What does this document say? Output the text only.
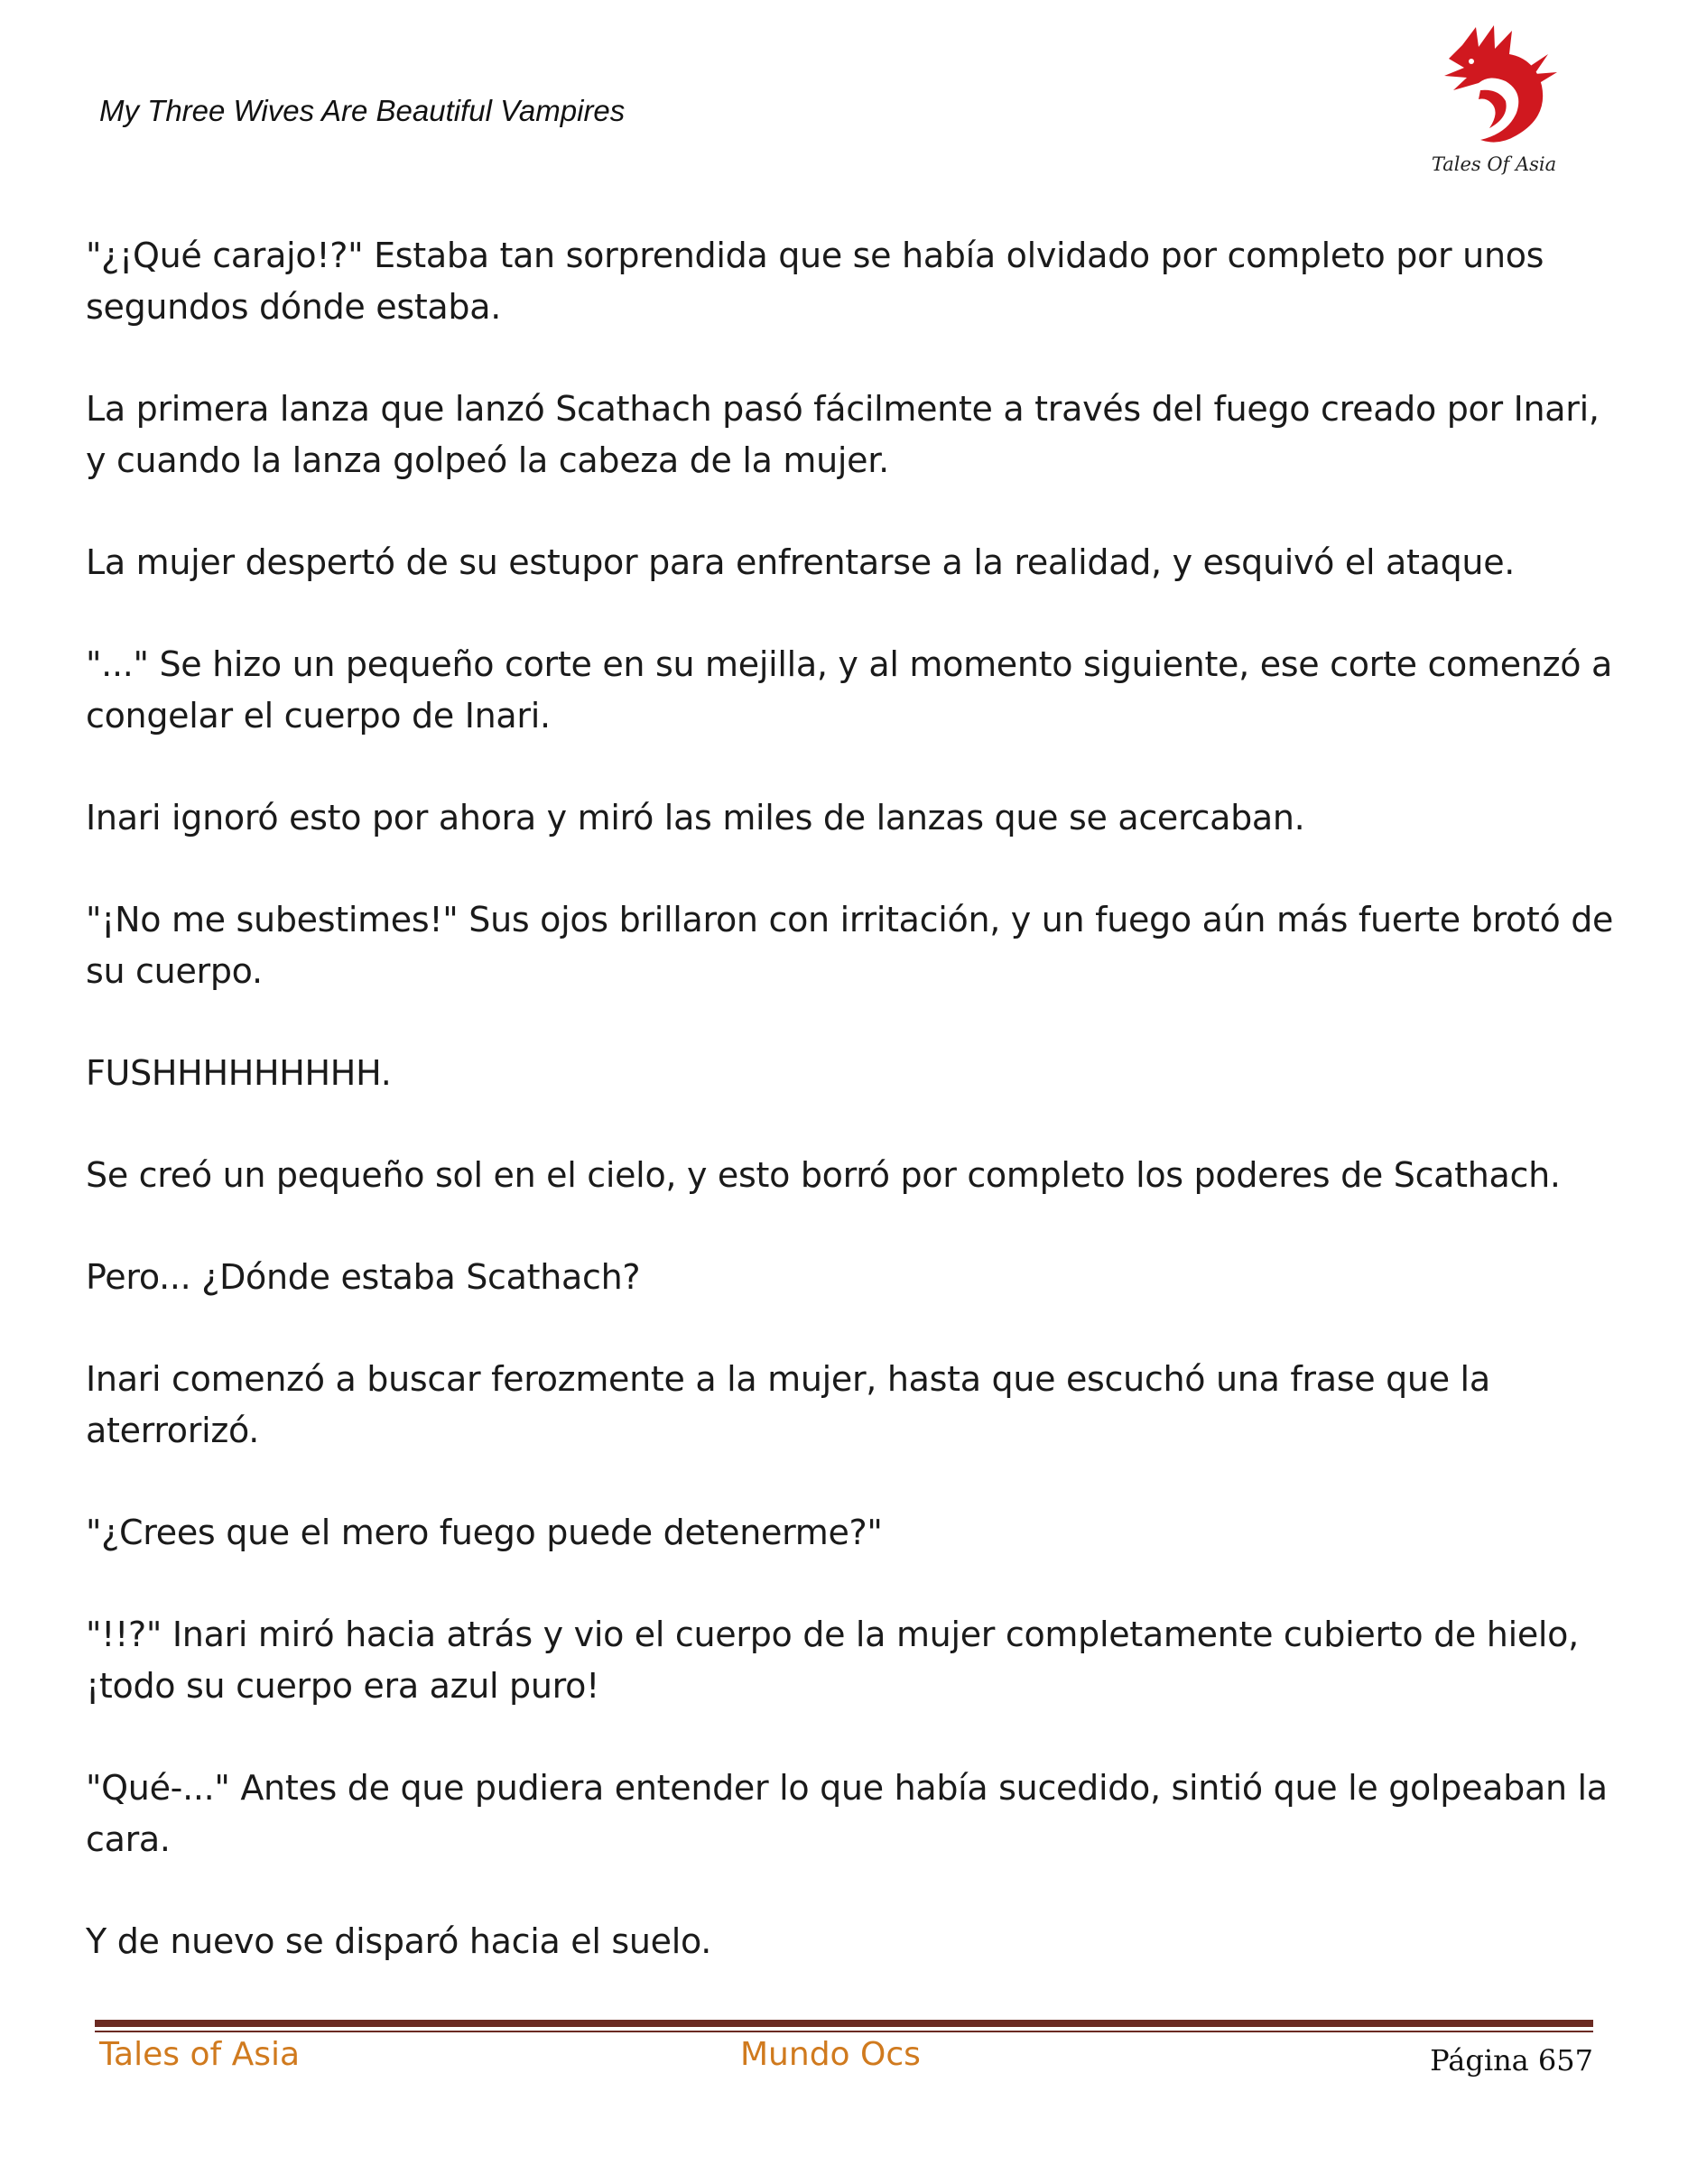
My Three Wives Are Beautiful Vampires
Tales Of Asia

"¿¡Qué carajo!?" Estaba tan sorprendida que se había olvidado por completo por unos segundos dónde estaba.

La primera lanza que lanzó Scathach pasó fácilmente a través del fuego creado por Inari, y cuando la lanza golpeó la cabeza de la mujer.

La mujer despertó de su estupor para enfrentarse a la realidad, y esquivó el ataque.

"..." Se hizo un pequeño corte en su mejilla, y al momento siguiente, ese corte comenzó a congelar el cuerpo de Inari.

Inari ignoró esto por ahora y miró las miles de lanzas que se acercaban.

"¡No me subestimes!" Sus ojos brillaron con irritación, y un fuego aún más fuerte brotó de su cuerpo.

FUSHHHHHHHHH.

Se creó un pequeño sol en el cielo, y esto borró por completo los poderes de Scathach.

Pero... ¿Dónde estaba Scathach?

Inari comenzó a buscar ferozmente a la mujer, hasta que escuchó una frase que la aterrorizó.

"¿Crees que el mero fuego puede detenerme?"

"!!?" Inari miró hacia atrás y vio el cuerpo de la mujer completamente cubierto de hielo, ¡todo su cuerpo era azul puro!

"Qué-..." Antes de que pudiera entender lo que había sucedido, sintió que le golpeaban la cara.

Y de nuevo se disparó hacia el suelo.

Tales of Asia	Mundo Ocs	Página 657
